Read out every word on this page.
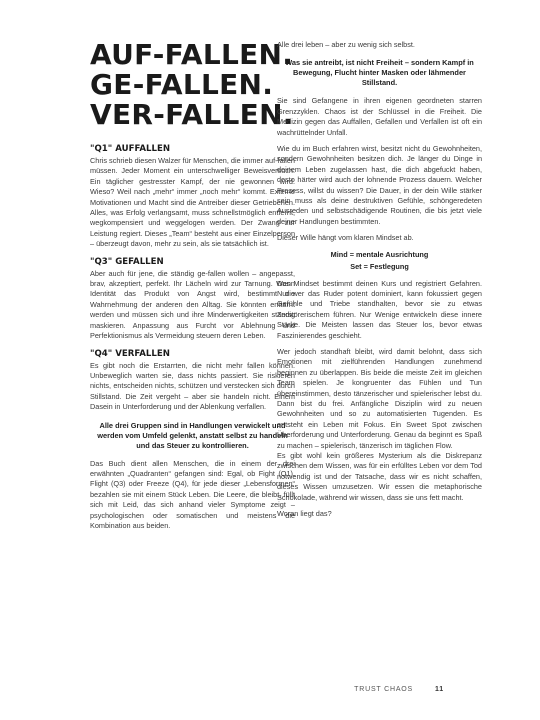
AUF-FALLEN.
GE-FALLEN.
VER-FALLEN.
"Q1" AUFFALLEN

Chris schrieb diesen Walzer für Menschen, die immer auf-fallen müssen. Jeder Moment ein unterschwelliger Beweisversuch. Ein täglicher gestresster Kampf, der nie gewonnen wird. Wieso? Weil nach „mehr“ immer „noch mehr“ kommt. Externe Motivationen und Macht sind die Antreiber dieser Getriebenen. Alles, was Erfolg verlangsamt, muss schnellstmöglich entfernt, wegkompensiert und weggelogen werden. Der Zwang zur Leistung regiert. Dieses „Team“ besteht aus einer Einzelperson – überzeugt davon, mehr zu sein, als sie tatsächlich ist.

"Q3" GEFALLEN

Aber auch für jene, die ständig ge-fallen wollen – angepasst, brav, akzeptiert, perfekt. Ihr Lächeln wird zur Tarnung. Wenn Identität das Produkt von Angst wird, bestimmt die Wahrnehmung der anderen den Alltag. Sie könnten enttarnt werden und müssen sich und ihre Minderwertigkeiten ständig maskieren. Anpassung aus Furcht vor Ablehnung und Perfektionismus als Vermeidung steuern deren Leben.

"Q4" VERFALLEN

Es gibt noch die Erstarrten, die nicht mehr fallen können. Unbeweglich warten sie, dass nichts passiert. Sie riskieren nichts, entscheiden nichts, schützen und verstecken sich durch Stillstand. Die Zeit vergeht – aber sie handeln nicht. Einem Dasein in Unterforderung und der Ablenkung verfallen.

Alle drei Gruppen sind in Handlungen verwickelt und werden vom Umfeld gelenkt, anstatt selbst zu handeln und das Steuer zu kontrollieren.

Das Buch dient allen Menschen, die in einem der drei erwähnten „Quadranten“ gefangen sind: Egal, ob Fight (Q1), Flight (Q3) oder Freeze (Q4), für jede dieser „Lebensformen“ bezahlen sie mit einem Stück Leben. Die Leere, die bleibt, füllt sich mit Leid, das sich anhand vieler Symptome zeigt – psychologischen oder somatischen und meistens die Kombination aus beiden.

Alle drei leben – aber zu wenig sich selbst.

Was sie antreibt, ist nicht Freiheit – sondern Kampf in Bewegung, Flucht hinter Masken oder lähmender Stillstand.

Sie sind Gefangene in ihren eigenen geordneten starren Grenzzyklen. Chaos ist der Schlüssel in die Freiheit. Die Medizin gegen das Auffallen, Gefallen und Verfallen ist oft ein wachrüttelnder Unfall.

Wie du im Buch erfahren wirst, besitzt nicht du Gewohnheiten, sondern Gewohnheiten besitzen dich. Je länger du Dinge in deinem Leben zugelassen hast, die dich abgefuckt haben, desto härter wird auch der lohnende Prozess dauern. Welcher Prozess, willst du wissen? Die Dauer, in der dein Wille stärker sein muss als deine destruktiven Gefühle, schöngeredeten Ausreden und selbstschädigende Routinen, die bis jetzt viele deiner Handlungen bestimmten.

Dieser Wille hängt vom klaren Mindset ab.

Mind = mentale Ausrichtung

Set = Festlegung

Das Mindset bestimmt deinen Kurs und registriert Gefahren. Nur wer das Ruder potent dominiert, kann fokussiert gegen Gefühle und Triebe standhalten, bevor sie zu etwas Zerstörerischem führen. Nur Wenige entwickeln diese innere Stärke. Die Meisten lassen das Steuer los, bevor etwas Faszinierendes geschieht.

Wer jedoch standhaft bleibt, wird damit belohnt, dass sich Emotionen mit zielführenden Handlungen zunehmend beginnen zu überlappen. Bis beide die meiste Zeit im gleichen Team spielen. Je kongruenter das Fühlen und Tun übereinstimmen, desto tänzerischer und spielerischer lebst du. Dann bist du frei. Anfängliche Disziplin wird zu neuen Gewohnheiten und so zu automatisierten Tugenden. Es entsteht ein Leben mit Fokus. Ein Sweet Spot zwischen Überforderung und Unterforderung. Genau da beginnt es Spaß zu machen – spielerisch, tänzerisch im täglichen Flow.

Es gibt wohl kein größeres Mysterium als die Diskrepanz zwischen dem Wissen, was für ein erfülltes Leben vor dem Tod notwendig ist und der Tatsache, dass wir es nicht schaffen, dieses Wissen umzusetzen. Wir essen die metaphorische Schokolade, während wir wissen, dass sie uns fett macht.

Woran liegt das?

TRUST CHAOS	11
